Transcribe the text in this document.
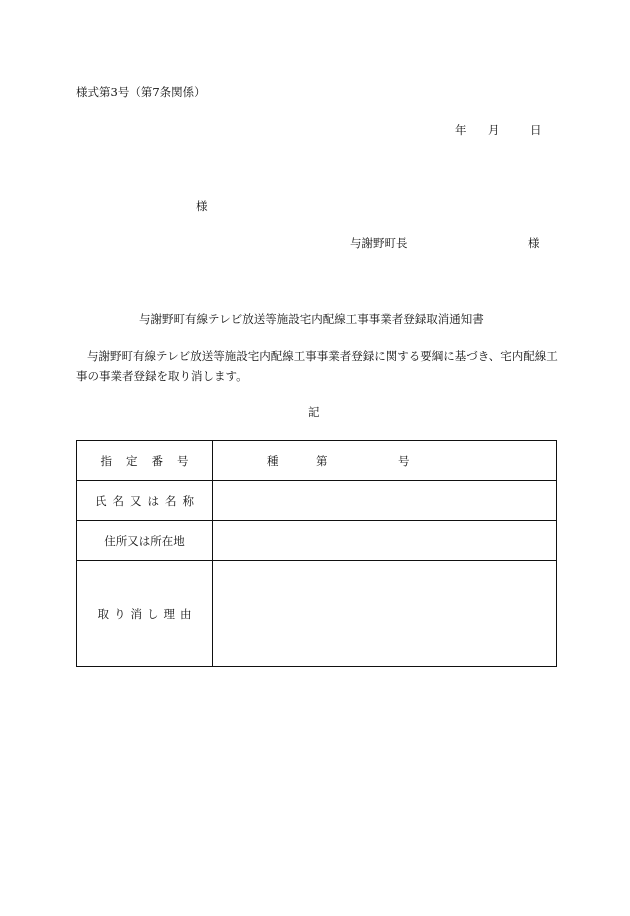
様式第3号（第7条関係）
年 月	日
様
与謝野町長	様
与謝野町有線テレビ放送等施設宅内配線工事事業者登録取消通知書
与謝野町有線テレビ放送等施設宅内配線工事事業者登録に関する要綱に基づき、宅内配線工事の事業者登録を取り消します。
記
指定番号	種 第 号

氏名又は名称	
住所又は所在地	
取り消し理由	
